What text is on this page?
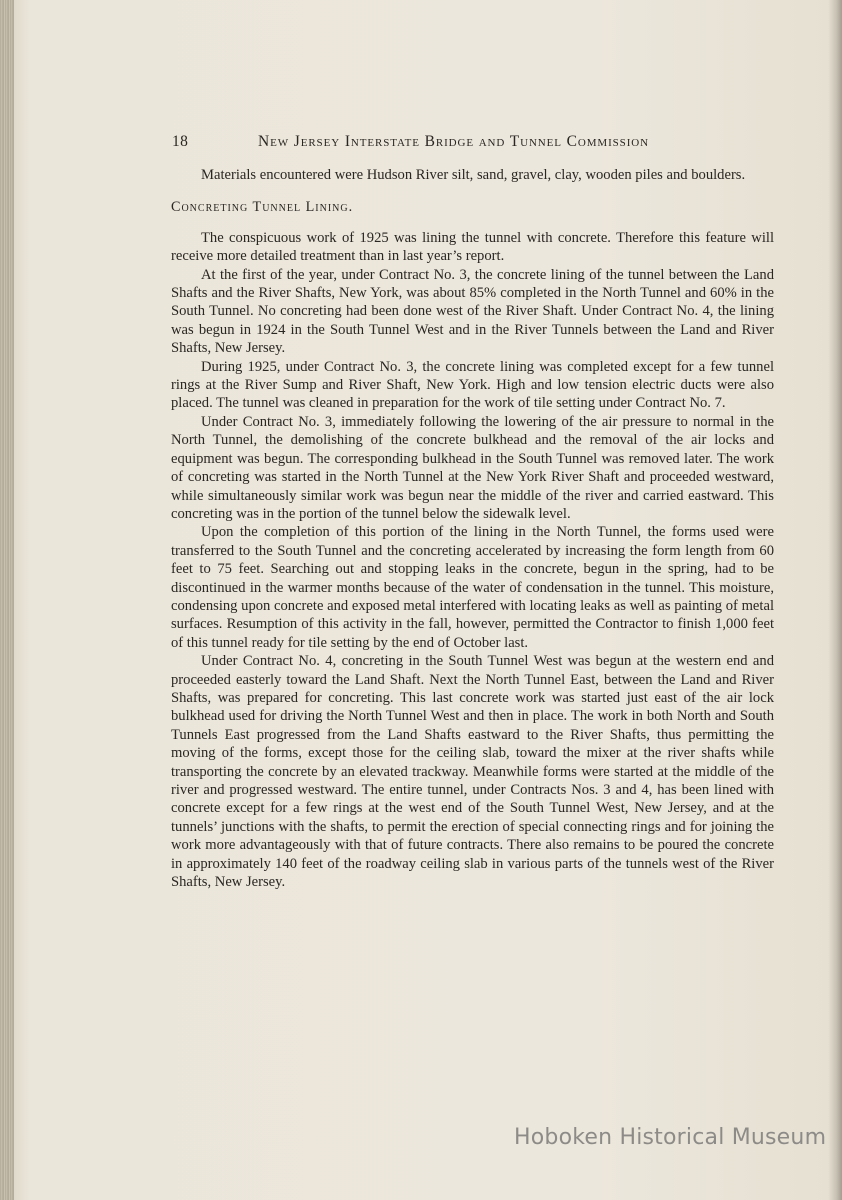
18	New Jersey Interstate Bridge and Tunnel Commission

Materials encountered were Hudson River silt, sand, gravel, clay, wooden piles and boulders.

Concreting Tunnel Lining.

The conspicuous work of 1925 was lining the tunnel with concrete. Therefore this feature will receive more detailed treatment than in last year’s report.

At the first of the year, under Contract No. 3, the concrete lining of the tunnel between the Land Shafts and the River Shafts, New York, was about 85% completed in the North Tunnel and 60% in the South Tunnel. No concreting had been done west of the River Shaft. Under Contract No. 4, the lining was begun in 1924 in the South Tunnel West and in the River Tunnels between the Land and River Shafts, New Jersey.

During 1925, under Contract No. 3, the concrete lining was completed except for a few tunnel rings at the River Sump and River Shaft, New York. High and low tension electric ducts were also placed. The tunnel was cleaned in preparation for the work of tile setting under Contract No. 7.

Under Contract No. 3, immediately following the lowering of the air pressure to normal in the North Tunnel, the demolishing of the concrete bulkhead and the removal of the air locks and equipment was begun. The corresponding bulkhead in the South Tunnel was removed later. The work of concreting was started in the North Tunnel at the New York River Shaft and proceeded westward, while simultaneously similar work was begun near the middle of the river and carried eastward. This concreting was in the portion of the tunnel below the sidewalk level.

Upon the completion of this portion of the lining in the North Tunnel, the forms used were transferred to the South Tunnel and the concreting accelerated by increasing the form length from 60 feet to 75 feet. Searching out and stopping leaks in the concrete, begun in the spring, had to be discontinued in the warmer months because of the water of condensation in the tunnel. This moisture, condensing upon concrete and exposed metal interfered with locating leaks as well as painting of metal surfaces. Resumption of this activity in the fall, however, permitted the Contractor to finish 1,000 feet of this tunnel ready for tile setting by the end of October last.

Under Contract No. 4, concreting in the South Tunnel West was begun at the western end and proceeded easterly toward the Land Shaft. Next the North Tunnel East, between the Land and River Shafts, was prepared for concreting. This last concrete work was started just east of the air lock bulkhead used for driving the North Tunnel West and then in place. The work in both North and South Tunnels East progressed from the Land Shafts eastward to the River Shafts, thus permitting the moving of the forms, except those for the ceiling slab, toward the mixer at the river shafts while transporting the concrete by an elevated trackway. Meanwhile forms were started at the middle of the river and progressed westward. The entire tunnel, under Contracts Nos. 3 and 4, has been lined with concrete except for a few rings at the west end of the South Tunnel West, New Jersey, and at the tunnels’ junctions with the shafts, to permit the erection of special connecting rings and for joining the work more advantageously with that of future contracts. There also remains to be poured the concrete in approximately 140 feet of the roadway ceiling slab in various parts of the tunnels west of the River Shafts, New Jersey.

Hoboken Historical Museum
